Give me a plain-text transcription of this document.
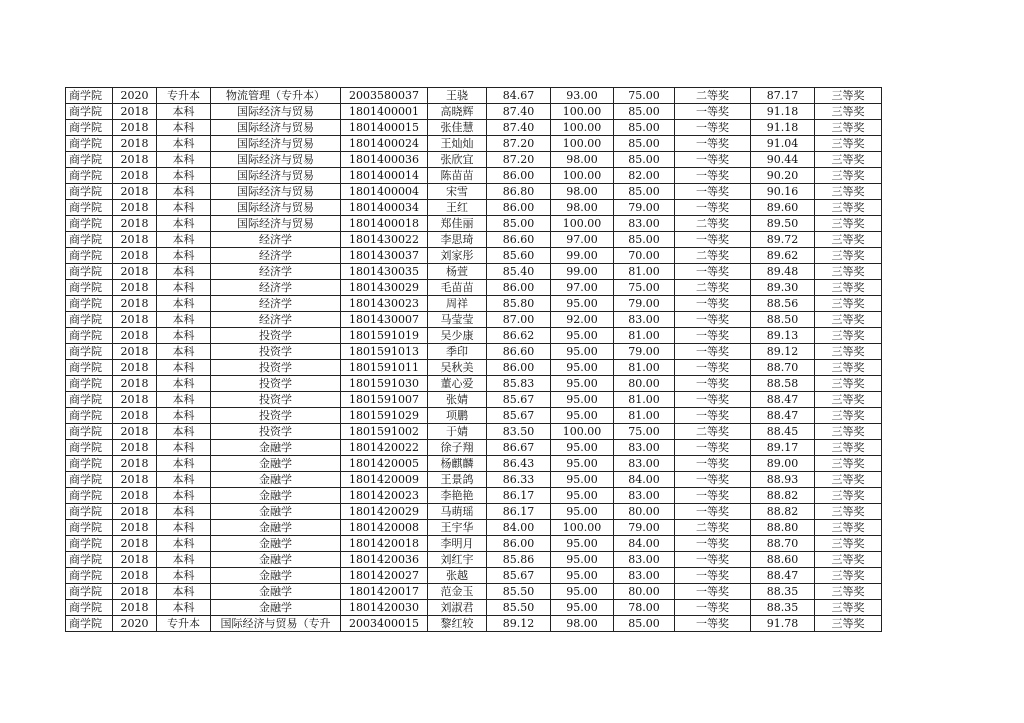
商学院	2020	专升本	物流管理（专升本）	2003580037	王骁	84.67	93.00	75.00	二等奖	87.17	三等奖
商学院	2018	本科	国际经济与贸易	1801400001	高晓辉	87.40	100.00	85.00	一等奖	91.18	三等奖
商学院	2018	本科	国际经济与贸易	1801400015	张佳慧	87.40	100.00	85.00	一等奖	91.18	三等奖
商学院	2018	本科	国际经济与贸易	1801400024	王灿灿	87.20	100.00	85.00	一等奖	91.04	三等奖
商学院	2018	本科	国际经济与贸易	1801400036	张欣宜	87.20	98.00	85.00	一等奖	90.44	三等奖
商学院	2018	本科	国际经济与贸易	1801400014	陈苗苗	86.00	100.00	82.00	一等奖	90.20	三等奖
商学院	2018	本科	国际经济与贸易	1801400004	宋雪	86.80	98.00	85.00	一等奖	90.16	三等奖
商学院	2018	本科	国际经济与贸易	1801400034	王红	86.00	98.00	79.00	一等奖	89.60	三等奖
商学院	2018	本科	国际经济与贸易	1801400018	郑佳丽	85.00	100.00	83.00	二等奖	89.50	三等奖
商学院	2018	本科	经济学	1801430022	李思琦	86.60	97.00	85.00	一等奖	89.72	三等奖
商学院	2018	本科	经济学	1801430037	刘家彤	85.60	99.00	70.00	二等奖	89.62	三等奖
商学院	2018	本科	经济学	1801430035	杨萱	85.40	99.00	81.00	一等奖	89.48	三等奖
商学院	2018	本科	经济学	1801430029	毛苗苗	86.00	97.00	75.00	二等奖	89.30	三等奖
商学院	2018	本科	经济学	1801430023	周祥	85.80	95.00	79.00	一等奖	88.56	三等奖
商学院	2018	本科	经济学	1801430007	马莹莹	87.00	92.00	83.00	一等奖	88.50	三等奖
商学院	2018	本科	投资学	1801591019	吴少康	86.62	95.00	81.00	一等奖	89.13	三等奖
商学院	2018	本科	投资学	1801591013	季印	86.60	95.00	79.00	一等奖	89.12	三等奖
商学院	2018	本科	投资学	1801591011	吴秋美	86.00	95.00	81.00	一等奖	88.70	三等奖
商学院	2018	本科	投资学	1801591030	董心爱	85.83	95.00	80.00	一等奖	88.58	三等奖
商学院	2018	本科	投资学	1801591007	张婧	85.67	95.00	81.00	一等奖	88.47	三等奖
商学院	2018	本科	投资学	1801591029	项鹏	85.67	95.00	81.00	一等奖	88.47	三等奖
商学院	2018	本科	投资学	1801591002	于婧	83.50	100.00	75.00	二等奖	88.45	三等奖
商学院	2018	本科	金融学	1801420022	徐子翔	86.67	95.00	83.00	一等奖	89.17	三等奖
商学院	2018	本科	金融学	1801420005	杨麒麟	86.43	95.00	83.00	一等奖	89.00	三等奖
商学院	2018	本科	金融学	1801420009	王景鸽	86.33	95.00	84.00	一等奖	88.93	三等奖
商学院	2018	本科	金融学	1801420023	李艳艳	86.17	95.00	83.00	一等奖	88.82	三等奖
商学院	2018	本科	金融学	1801420029	马萌瑶	86.17	95.00	80.00	一等奖	88.82	三等奖
商学院	2018	本科	金融学	1801420008	王宇华	84.00	100.00	79.00	二等奖	88.80	三等奖
商学院	2018	本科	金融学	1801420018	李明月	86.00	95.00	84.00	一等奖	88.70	三等奖
商学院	2018	本科	金融学	1801420036	刘红宇	85.86	95.00	83.00	一等奖	88.60	三等奖
商学院	2018	本科	金融学	1801420027	张越	85.67	95.00	83.00	一等奖	88.47	三等奖
商学院	2018	本科	金融学	1801420017	范金玉	85.50	95.00	80.00	一等奖	88.35	三等奖
商学院	2018	本科	金融学	1801420030	刘淑君	85.50	95.00	78.00	一等奖	88.35	三等奖
商学院	2020	专升本	国际经济与贸易（专升	2003400015	黎红较	89.12	98.00	85.00	一等奖	91.78	三等奖
